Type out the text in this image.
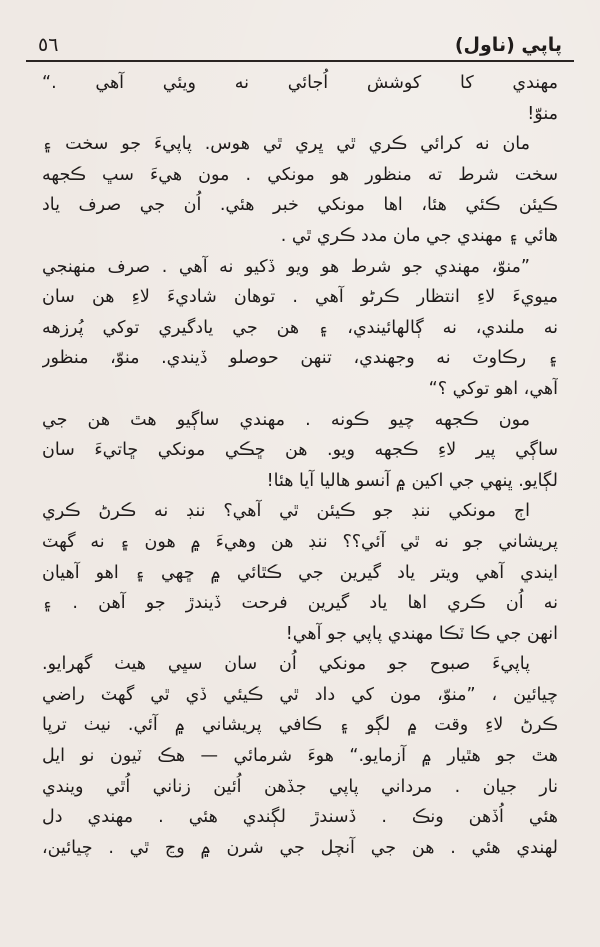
پاپي (ناول)
٥٦

مهندي كا كوشش اُجائي نه ويئي آهي .“
منوّ!

مان نه كرائي ڪري ٿي ڀري ٿي هوس. پاپيءَ جو سخت ۽
سخت شرط ته منظور هو مونکي . مون هيءَ سڀ ڪجهه
ڪيئن ڪئي هئا، اها مونکي خبر هئي. اُن جي صرف ياد
هائي ۽ مهندي جي مان مدد ڪري ٿي .

”منوّ، مهندي جو شرط هو ويو ڏکيو نه آهي . صرف منهنجي
ميويءَ لاءِ انتظار ڪرڻو آهي . توهان شاديءَ لاءِ هن سان
نه ملندي، نه ڳالهائيندي، ۽ هن جي يادگيري توکي پُرزهه
۽ رڪاوٽ نه وجهندي، تنهن حوصلو ڏيندي. منوّ، منظور
آهي، اهو توکي ؟“

مون ڪجهه چيو ڪونه . مهندي ساڳيو هٿ هن جي
ساڳي پير لاءِ ڪجهه ويو. هن ڇڪي مونکي ڇاتيءَ سان
لڳايو. ڀنهي جي اکين ۾ آنسو هاليا آيا هئا!

اڄ مونکي ننڊ جو ڪيئن ٿي آهي؟ ننڊ نه ڪرڻ ڪري
پريشاني جو نه ٿي آئي؟؟ ننڊ هن وهيءَ ۾ هون ۽ نه گهٽ
ايندي آهي ويتر ياد گيرين جي ڪٿائي ۾ ڇهي ۽ اهو آهيان
نه اُن ڪري اها ياد گيرين فرحت ڏيندڙ جو آهن . ۽
انهن جي ڪا ٽڪا مهندي پاپي جو آهي!

پاپيءَ صبوح جو مونکي اُن سان سڀي هيٺ گهرايو.
چيائين ، ”منوّ، مون کي داد ٿي ڪيئي ڏي ٿي گهٽ راضي
ڪرڻ لاءِ وقت ۾ لڳو ۽ ڪافي پريشاني ۾ آئي. نيٺ ترپا
هٿ جو هٿيار ۾ آزمايو.“ هوءَ شرمائي — هڪ ٽيون نو ايل
نار جيان . مرداني پاپي جڏهن اُئين زناني اُٿي ويندي
هئي اُڏهن ونڪ . ڏسندڙ لڳندي هئي . مهندي دل
لهندي هئي . هن جي آنچل جي شرن ۾ وڃ ٿي . چيائين،
